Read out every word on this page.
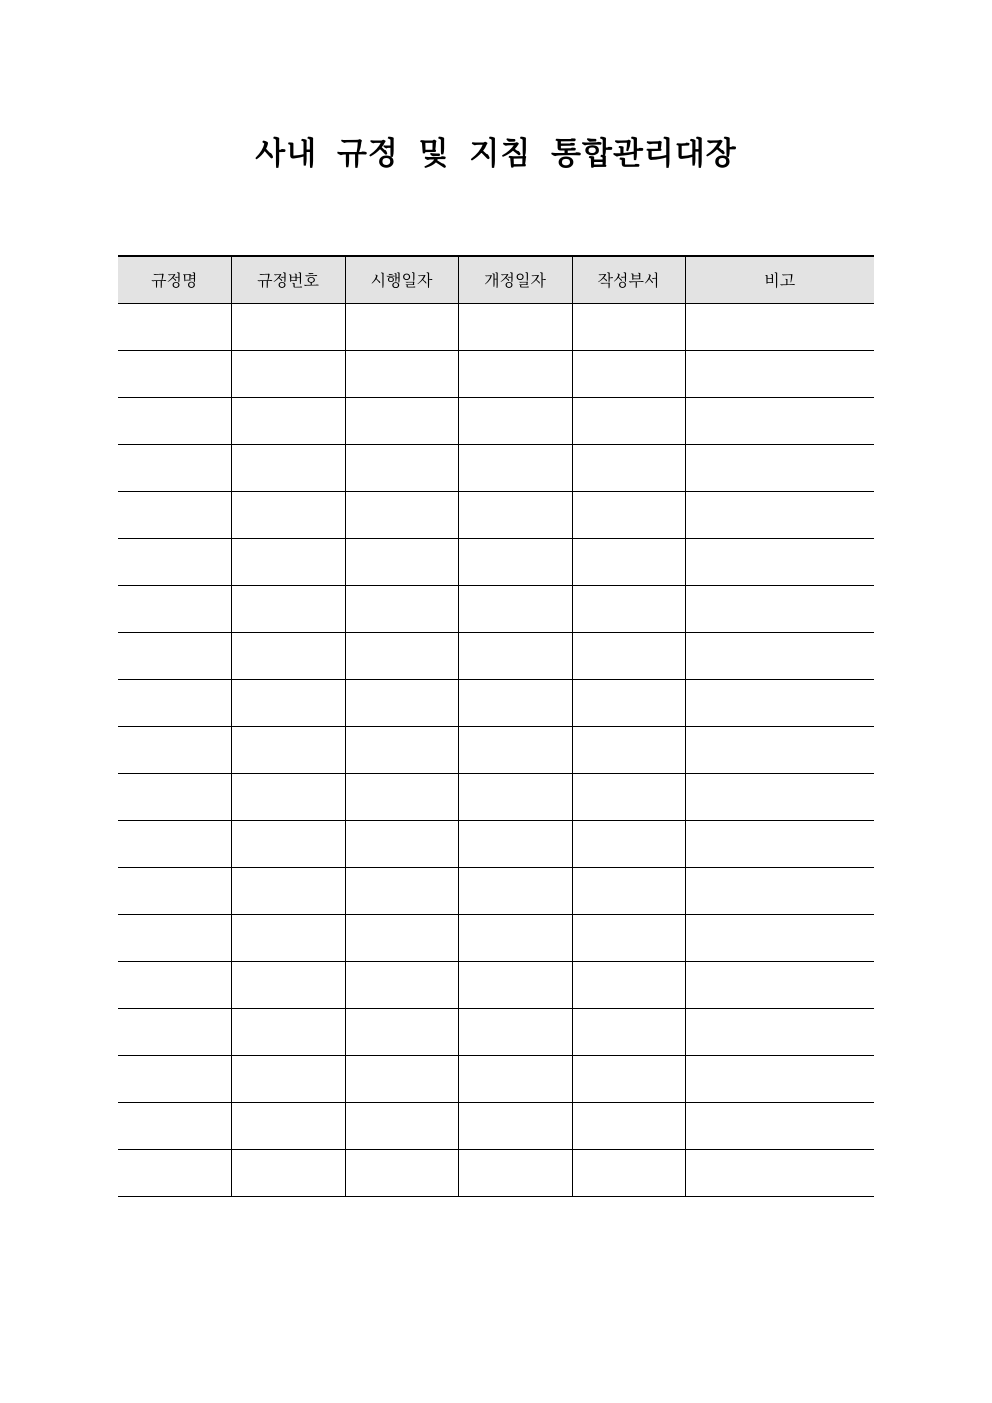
사내 규정 및 지침 통합관리대장
규정명	규정번호	시행일자	개정일자	작성부서	비고
